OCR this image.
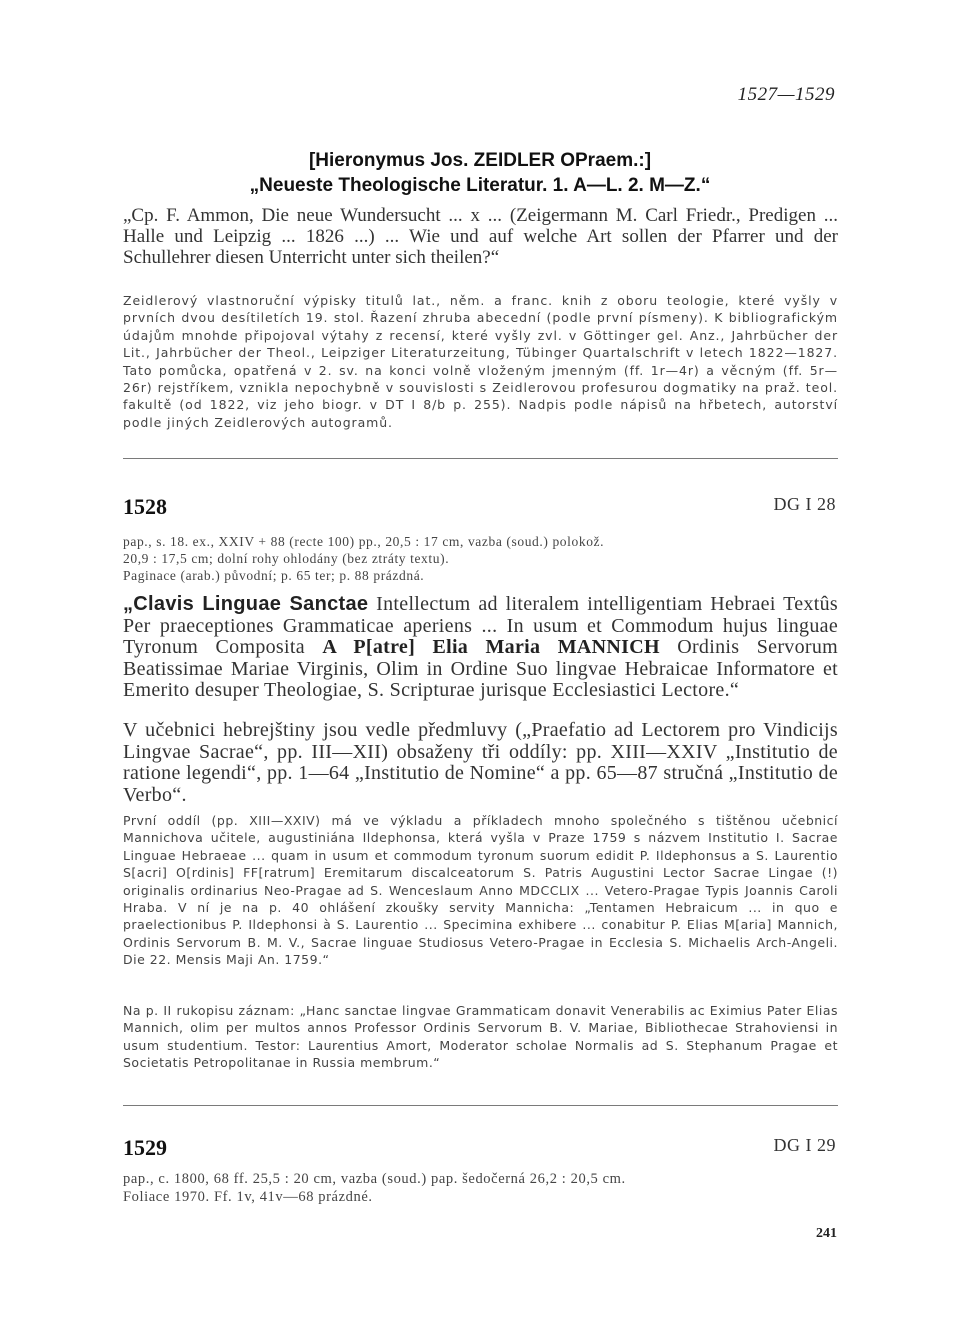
1527—1529
[Hieronymus Jos. ZEIDLER OPraem.:]
„Neueste Theologische Literatur. 1. A—L. 2. M—Z.“
„Cp. F. Ammon, Die neue Wundersucht ... x ... (Zeigermann M. Carl Friedr., Predigen ... Halle und Leipzig ... 1826 ...) ... Wie und auf welche Art sollen der Pfarrer und der Schullehrer diesen Unterricht unter sich theilen?“
Zeidlerový vlastnoruční výpisky titulů lat., něm. a franc. knih z oboru teologie, které vyšly v prvních dvou desítiletích 19. stol. Řazení zhruba abecední (podle první písmeny). K bibliografickým údajům mnohde připojoval výtahy z recensí, které vyšly zvl. v Göttinger gel. Anz., Jahrbücher der Lit., Jahrbücher der Theol., Leipziger Literaturzeitung, Tübinger Quartalschrift v letech 1822—1827. Tato pomůcka, opatřená v 2. sv. na konci volně vloženým jmenným (ff. 1r—4r) a věcným (ff. 5r—26r) rejstříkem, vznikla nepochybně v souvislosti s Zeidlerovou profesurou dogmatiky na praž. teol. fakultě (od 1822, viz jeho biogr. v DT I 8/b p. 255). Nadpis podle nápisů na hřbetech, autorství podle jiných Zeidlerových autogramů.
1528	DG I 28
pap., s. 18. ex., XXIV + 88 (recte 100) pp., 20,5 : 17 cm, vazba (soud.) polokož.
20,9 : 17,5 cm; dolní rohy ohlodány (bez ztráty textu).
Paginace (arab.) původní; p. 65 ter; p. 88 prázdná.
„Clavis Linguae Sanctae Intellectum ad literalem intelligentiam Hebraei Textûs Per praeceptiones Grammaticae aperiens ... In usum et Commodum hujus linguae Tyronum Composita A P[atre] Elia Maria MANNICH Ordinis Servorum Beatissimae Mariae Virginis, Olim in Ordine Suo lingvae Hebraicae Informatore et Emerito desuper Theologiae, S. Scripturae jurisque Ecclesiastici Lectore.“
V učebnici hebrejštiny jsou vedle předmluvy („Praefatio ad Lectorem pro Vindicijs Lingvae Sacrae“, pp. III—XII) obsaženy tři oddíly: pp. XIII—XXIV „Institutio de ratione legendi“, pp. 1—64 „Institutio de Nomine“ a pp. 65—87 stručná „Institutio de Verbo“.
První oddíl (pp. XIII—XXIV) má ve výkladu a příkladech mnoho společného s tištěnou učebnicí Mannichova učitele, augustiniána Ildephonsa, která vyšla v Praze 1759 s názvem Institutio I. Sacrae Linguae Hebraeae ... quam in usum et commodum tyronum suorum edidit P. Ildephonsus a S. Laurentio S[acri] O[rdinis] FF[ratrum] Eremitarum discalceatorum S. Patris Augustini Lector Sacrae Lingae (!) originalis ordinarius Neo-Pragae ad S. Wenceslaum Anno MDCCLIX ... Vetero-Pragae Typis Joannis Caroli Hraba. V ní je na p. 40 ohlášení zkoušky servity Mannicha: „Tentamen Hebraicum ... in quo e praelectionibus P. Ildephonsi à S. Laurentio ... Specimina exhibere ... conabitur P. Elias M[aria] Mannich, Ordinis Servorum B. M. V., Sacrae linguae Studiosus Vetero-Pragae in Ecclesia S. Michaelis Arch-Angeli. Die 22. Mensis Maji An. 1759.“
Na p. II rukopisu záznam: „Hanc sanctae lingvae Grammaticam donavit Venerabilis ac Eximius Pater Elias Mannich, olim per multos annos Professor Ordinis Servorum B. V. Mariae, Bibliothecae Strahoviensi in usum studentium. Testor: Laurentius Amort, Moderator scholae Normalis ad S. Stephanum Pragae et Societatis Petropolitanae in Russia membrum.“
1529	DG I 29
pap., c. 1800, 68 ff. 25,5 : 20 cm, vazba (soud.) pap. šedočerná 26,2 : 20,5 cm.
Foliace 1970. Ff. 1v, 41v—68 prázdné.
241
